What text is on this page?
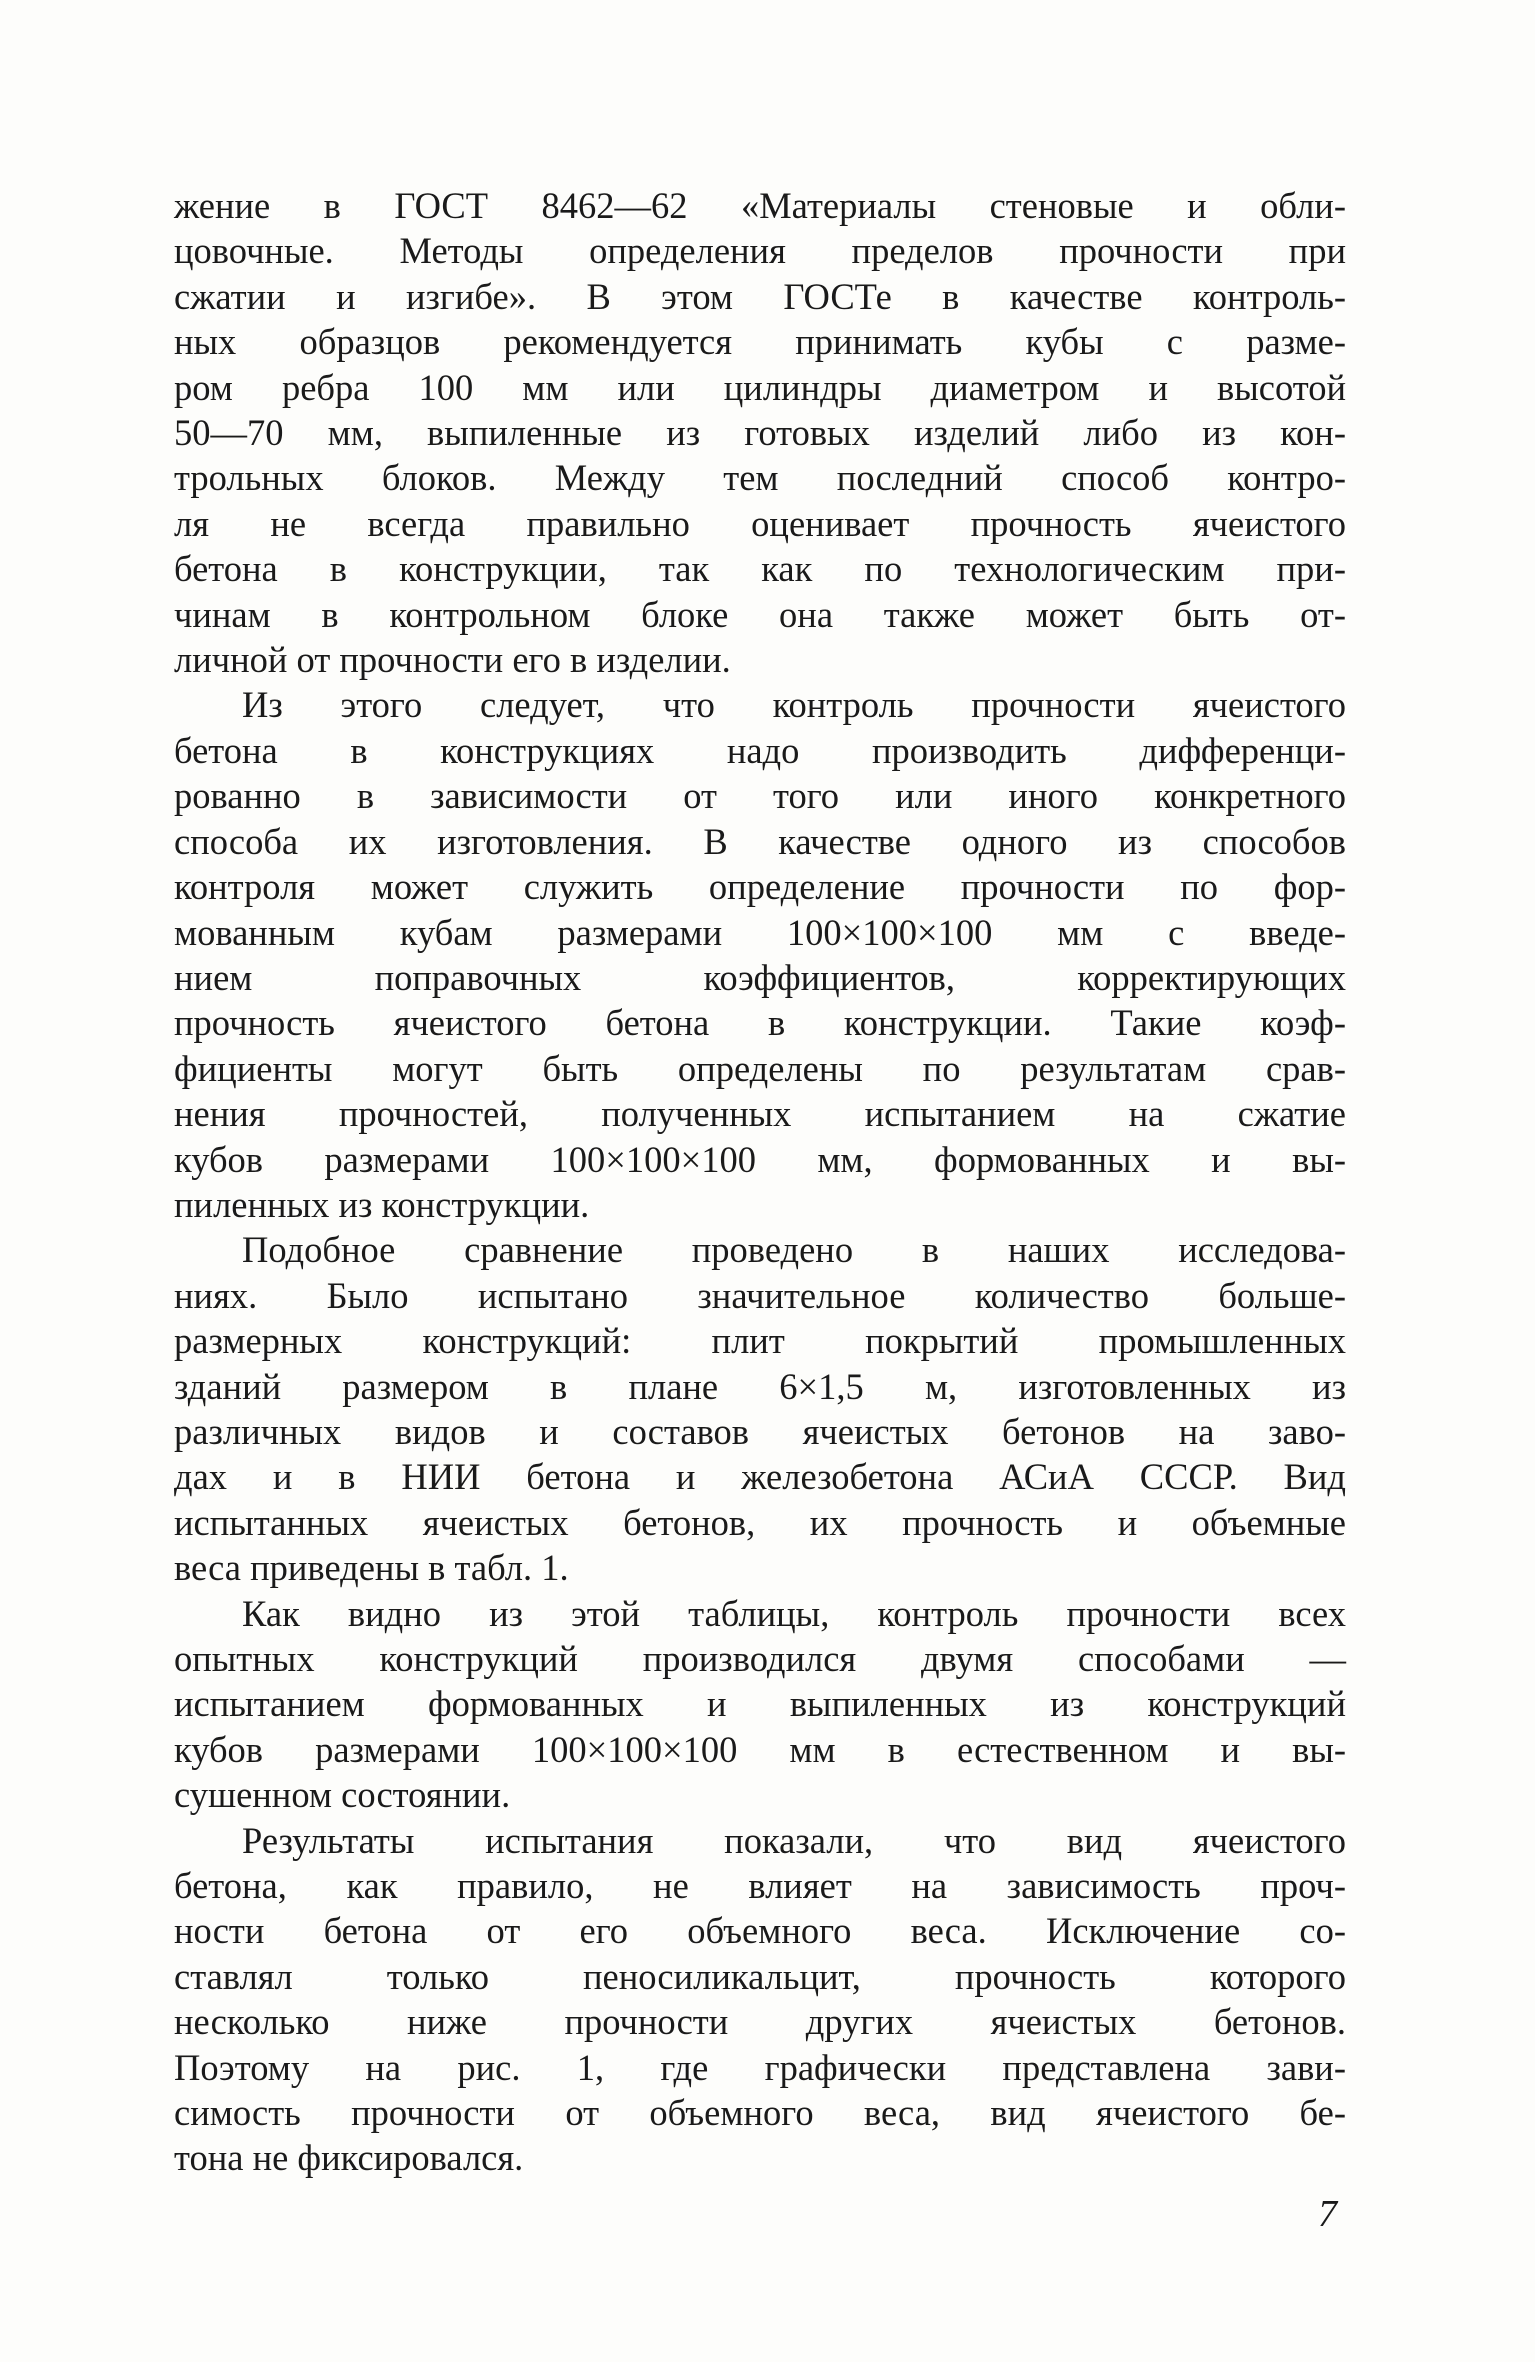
жение в ГОСТ 8462—62 «Материалы стеновые и обли-
цовочные. Методы определения пределов прочности при
сжатии и изгибе». В этом ГОСТе в качестве контроль-
ных образцов рекомендуется принимать кубы с разме-
ром ребра 100 мм или цилиндры диаметром и высотой
50—70 мм, выпиленные из готовых изделий либо из кон-
трольных блоков. Между тем последний способ контро-
ля не всегда правильно оценивает прочность ячеистого
бетона в конструкции, так как по технологическим при-
чинам в контрольном блоке она также может быть от-
личной от прочности его в изделии.

Из этого следует, что контроль прочности ячеистого
бетона в конструкциях надо производить дифференци-
рованно в зависимости от того или иного конкретного
способа их изготовления. В качестве одного из способов
контроля может служить определение прочности по фор-
мованным кубам размерами 100×100×100 мм с введе-
нием поправочных коэффициентов, корректирующих
прочность ячеистого бетона в конструкции. Такие коэф-
фициенты могут быть определены по результатам срав-
нения прочностей, полученных испытанием на сжатие
кубов размерами 100×100×100 мм, формованных и вы-
пиленных из конструкции.

Подобное сравнение проведено в наших исследова-
ниях. Было испытано значительное количество больше-
размерных конструкций: плит покрытий промышленных
зданий размером в плане 6×1,5 м, изготовленных из
различных видов и составов ячеистых бетонов на заво-
дах и в НИИ бетона и железобетона АСиА СССР. Вид
испытанных ячеистых бетонов, их прочность и объемные
веса приведены в табл. 1.

Как видно из этой таблицы, контроль прочности всех
опытных конструкций производился двумя способами —
испытанием формованных и выпиленных из конструкций
кубов размерами 100×100×100 мм в естественном и вы-
сушенном состоянии.

Результаты испытания показали, что вид ячеистого
бетона, как правило, не влияет на зависимость проч-
ности бетона от его объемного веса. Исключение со-
ставлял только пеносиликальцит, прочность которого
несколько ниже прочности других ячеистых бетонов.
Поэтому на рис. 1, где графически представлена зави-
симость прочности от объемного веса, вид ячеистого бе-
тона не фиксировался.

7
